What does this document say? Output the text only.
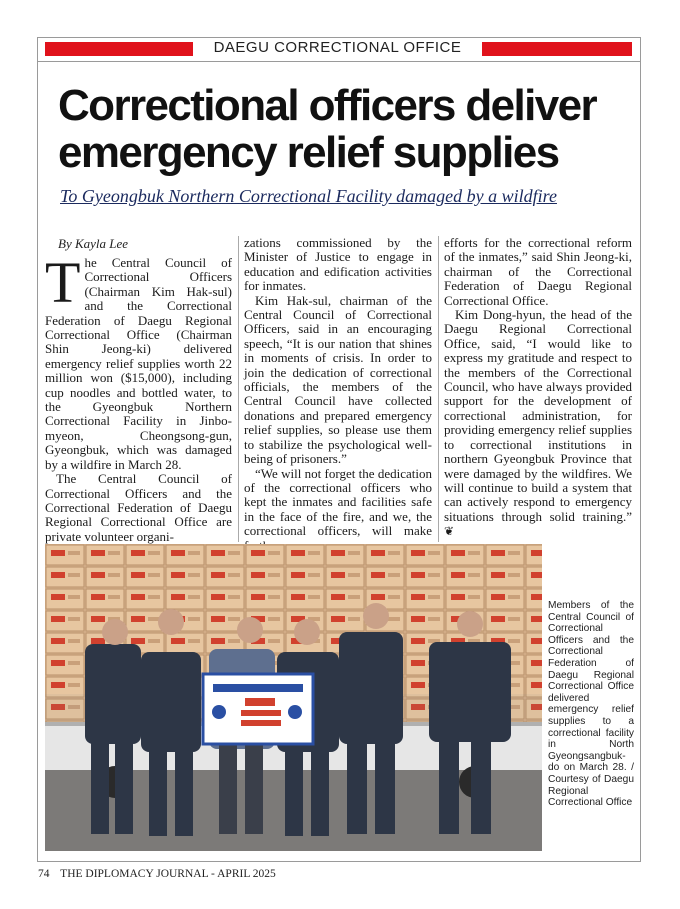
DAEGU CORRECTIONAL OFFICE
Correctional officers deliver emergency relief supplies
To Gyeongbuk Northern Correctional Facility damaged by a wildfire
By Kayla Lee

The Central Council of Correctional Officers (Chairman Kim Hak-sul) and the Correctional Federation of Daegu Regional Correctional Office (Chairman Shin Jeong-ki) delivered emergency relief supplies worth 22 million won ($15,000), including cup noodles and bottled water, to the Gyeongbuk Northern Correctional Facility in Jinbo-myeon, Cheongsong-gun, Gyeongbuk, which was damaged by a wildfire in March 28.

The Central Council of Correctional Officers and the Correctional Federation of Daegu Regional Correctional Office are private volunteer organi-

zations commissioned by the Minister of Justice to engage in education and edification activities for inmates.

Kim Hak-sul, chairman of the Central Council of Correctional Officers, said in an encouraging speech, “It is our nation that shines in moments of crisis. In order to join the dedication of correctional officials, the members of the Central Council have collected donations and prepared emergency relief supplies, so please use them to stabilize the psychological well-being of prisoners.”

“We will not forget the dedication of the correctional officers who kept the inmates and facilities safe in the face of the fire, and we, the correctional officers, will make

efforts for the correctional reform of the inmates,” said Shin Jeong-ki, chairman of the Correctional Federation of Daegu Regional Correctional Office.

Kim Dong-hyun, the head of the Daegu Regional Correctional Office, said, “I would like to express my gratitude and respect to the members of the Correctional Council, who have always provided support for the development of correctional administration, for providing emergency relief supplies to correctional institutions in northern Gyeongbuk Province that were damaged by the wildfires. We will continue to build a system that can actively respond to emergency situations through solid training.” ❦

Members of the Central Council of Correctional Officers and the Correctional Federation of Daegu Regional Correctional Office delivered emergency relief supplies to a correctional facility in North Gyeongsangbuk-do on March 28. / Courtesy of Daegu Regional Correctional Office
74 THE DIPLOMACY JOURNAL - APRIL 2025
